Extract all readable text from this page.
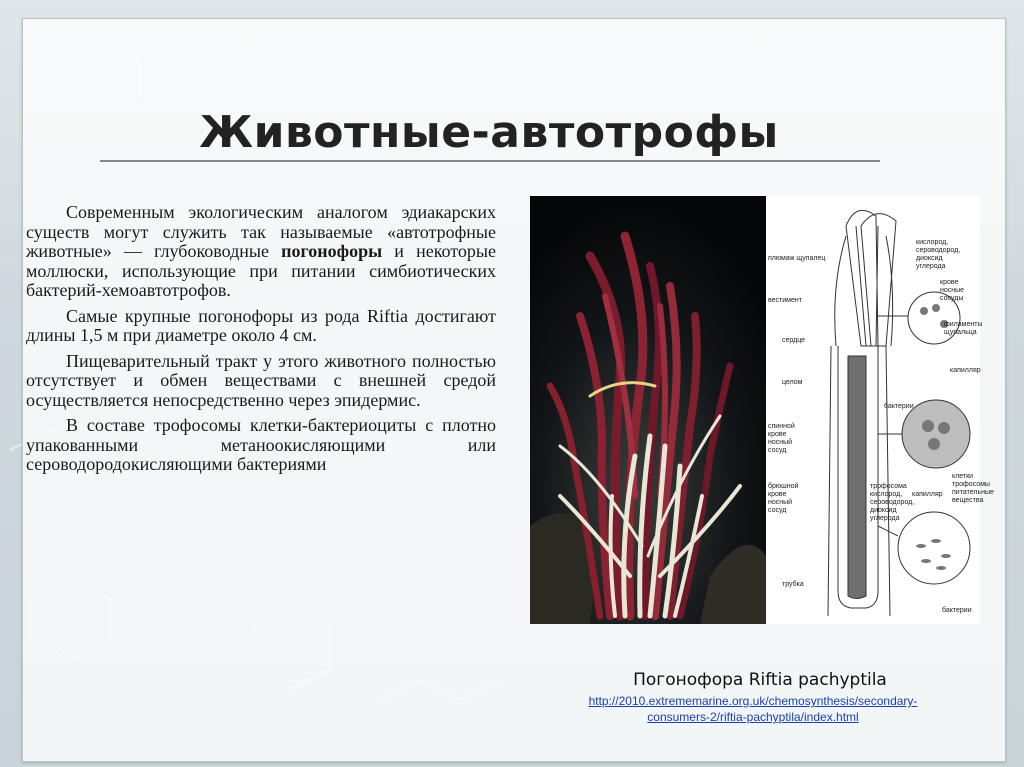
Животные-автотрофы

Современным экологическим аналогом эдиакарских существ могут служить так называемые «автотрофные животные» — глубоководные погонофоры и некоторые моллюски, использующие при питании симбиотических бактерий-хемоавтотрофов.

Самые крупные погонофоры из рода Riftia достигают длины 1,5 м при диаметре около 4 см.

Пищеварительный тракт у этого животного полностью отсутствует и обмен веществами с внешней средой осуществляется непосредственно через эпидермис.

В составе трофосомы клетки-бактериоциты с плотно упакованными метаноокисляющими или сероводородокисляющими бактериями

плюмаж щупалец
кислород,
сероводород,
диоксид
углерода
крове
носные
сосуды
вестимент
филаменты
щупальца
сердце
целом
капилляр
бактерии
спинной
крове
носный
сосуд
клетки
трофосомы
трофосома
брюшной
крове
носный
сосуд
питательные
вещества
кислород,
сероводород,
диоксид
углерода
капилляр
трубка
бактерии
Погонофора Riftia pachyptila
http://2010.extrememarine.org.uk/chemosynthesis/secondary-
consumers-2/riftia-pachyptila/index.html
